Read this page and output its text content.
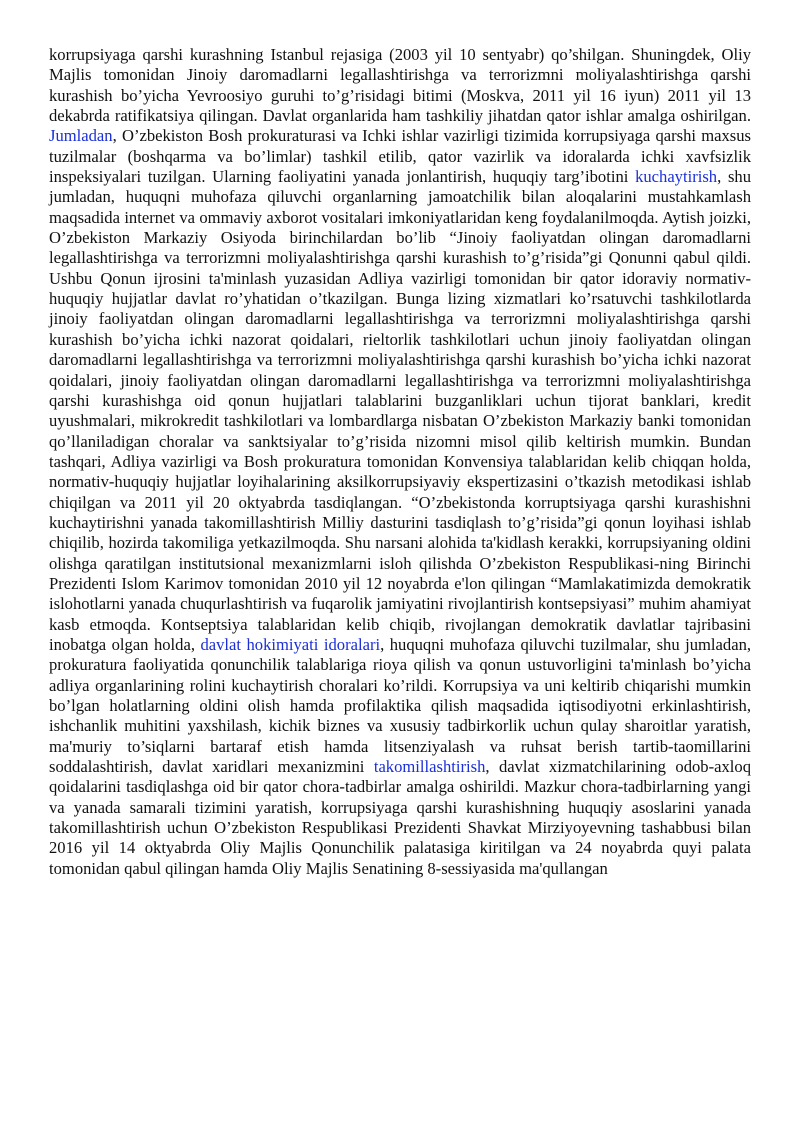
korrupsiyaga qarshi kurashning Istanbul rejasiga (2003 yil 10 sentyabr) qo’shilgan. Shuningdek, Oliy Majlis tomonidan Jinoiy daromadlarni legallashtirishga va terrorizmni moliyalashtirishga qarshi kurashish bo’yicha Yevroosiyo guruhi to’g’risidagi bitimi (Moskva, 2011 yil 16 iyun) 2011 yil 13 dekabrda ratifikatsiya qilingan. Davlat organlarida ham tashkiliy jihatdan qator ishlar amalga oshirilgan. Jumladan, O’zbekiston Bosh prokuraturasi va Ichki ishlar vazirligi tizimida korrupsiyaga qarshi maxsus tuzilmalar (boshqarma va bo’limlar) tashkil etilib, qator vazirlik va idoralarda ichki xavfsizlik inspeksiyalari tuzilgan. Ularning faoliyatini yanada jonlantirish, huquqiy targ’ibotini kuchaytirish, shu jumladan, huquqni muhofaza qiluvchi organlarning jamoatchilik bilan aloqalarini mustahkamlash maqsadida internet va ommaviy axborot vositalari imkoniyatlaridan keng foydalanilmoqda. Aytish joizki, O’zbekiston Markaziy Osiyoda birinchilardan bo’lib “Jinoiy faoliyatdan olingan daromadlarni legallashtirishga va terrorizmni moliyalashtirishga qarshi kurashish to’g’risida”gi Qonunni qabul qildi. Ushbu Qonun ijrosini ta'minlash yuzasidan Adliya vazirligi tomonidan bir qator idoraviy normativ-huquqiy hujjatlar davlat ro’yhatidan o’tkazilgan. Bunga lizing xizmatlari ko’rsatuvchi tashkilotlarda jinoiy faoliyatdan olingan daromadlarni legallashtirishga va terrorizmni moliyalashtirishga qarshi kurashish bo’yicha ichki nazorat qoidalari, rieltorlik tashkilotlari uchun jinoiy faoliyatdan olingan daromadlarni legallashtirishga va terrorizmni moliyalashtirishga qarshi kurashish bo’yicha ichki nazorat qoidalari, jinoiy faoliyatdan olingan daromadlarni legallashtirishga va terrorizmni moliyalashtirishga qarshi kurashishga oid qonun hujjatlari talablarini buzganliklari uchun tijorat banklari, kredit uyushmalari, mikrokredit tashkilotlari va lombardlarga nisbatan O’zbekiston Markaziy banki tomonidan qo’llaniladigan choralar va sanktsiyalar to’g’risida nizomni misol qilib keltirish mumkin. Bundan tashqari, Adliya vazirligi va Bosh prokuratura tomonidan Konvensiya talablaridan kelib chiqqan holda, normativ-huquqiy hujjatlar loyihalarining aksilkorrupsiyaviy ekspertizasini o’tkazish metodikasi ishlab chiqilgan va 2011 yil 20 oktyabrda tasdiqlangan. “O’zbekistonda korruptsiyaga qarshi kurashishni kuchaytirishni yanada takomillashtirish Milliy dasturini tasdiqlash to’g’risida”gi qonun loyihasi ishlab chiqilib, hozirda takomiliga yetkazilmoqda. Shu narsani alohida ta'kidlash kerakki, korrupsiyaning oldini olishga qaratilgan institutsional mexanizmlarni isloh qilishda O’zbekiston Respublikasi-ning Birinchi Prezidenti Islom Karimov tomonidan 2010 yil 12 noyabrda e'lon qilingan “Mamlakatimizda demokratik islohotlarni yanada chuqurlashtirish va fuqarolik jamiyatini rivojlantirish kontsepsiyasi” muhim ahamiyat kasb etmoqda. Kontseptsiya talablaridan kelib chiqib, rivojlangan demokratik davlatlar tajribasini inobatga olgan holda, davlat hokimiyati idoralari, huquqni muhofaza qiluvchi tuzilmalar, shu jumladan, prokuratura faoliyatida qonunchilik talablariga rioya qilish va qonun ustuvorligini ta'minlash bo’yicha adliya organlarining rolini kuchaytirish choralari ko’rildi. Korrupsiya va uni keltirib chiqarishi mumkin bo’lgan holatlarning oldini olish hamda profilaktika qilish maqsadida iqtisodiyotni erkinlashtirish, ishchanlik muhitini yaxshilash, kichik biznes va xususiy tadbirkorlik uchun qulay sharoitlar yaratish, ma'muriy to’siqlarni bartaraf etish hamda litsenziyalash va ruhsat berish tartib-taomillarini soddalashtirish, davlat xaridlari mexanizmini takomillashtirish, davlat xizmatchilarining odob-axloq qoidalarini tasdiqlashga oid bir qator chora-tadbirlar amalga oshirildi. Mazkur chora-tadbirlarning yangi va yanada samarali tizimini yaratish, korrupsiyaga qarshi kurashishning huquqiy asoslarini yanada takomillashtirish uchun O’zbekiston Respublikasi Prezidenti Shavkat Mirziyoyevning tashabbusi bilan 2016 yil 14 oktyabrda Oliy Majlis Qonunchilik palatasiga kiritilgan va 24 noyabrda quyi palata tomonidan qabul qilingan hamda Oliy Majlis Senatining 8-sessiyasida ma'qullangan
